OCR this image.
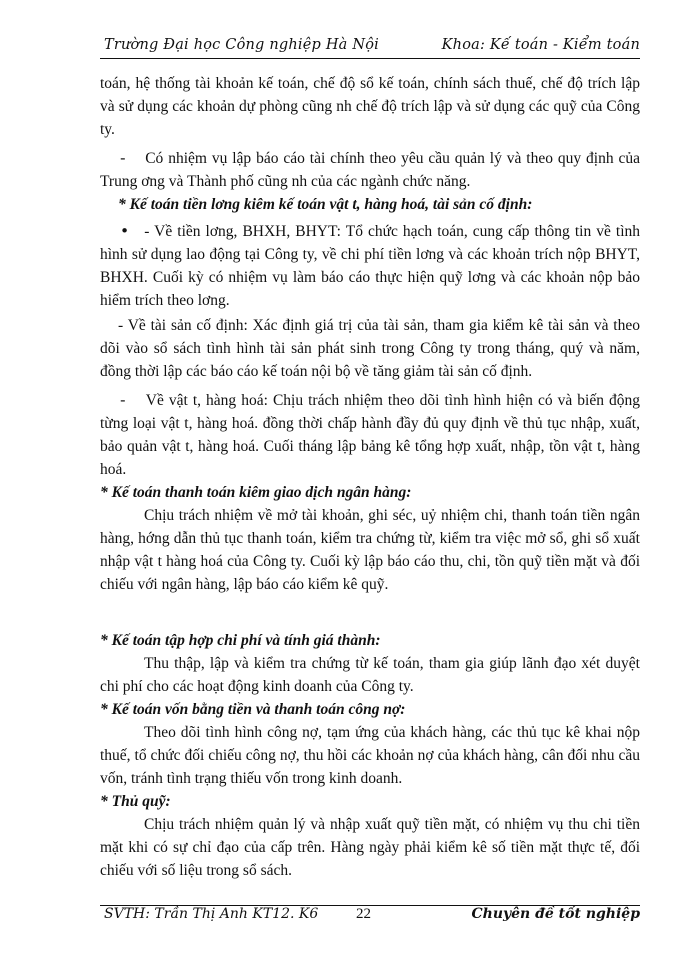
Trường Đại học Công nghiệp Hà Nội	Khoa: Kế toán - Kiểm toán

toán, hệ thống tài khoản kế toán, chế độ sổ kế toán, chính sách thuế, chế độ trích lập và sử dụng các khoản dự phòng cũng nh chế độ trích lập và sử dụng các quỹ của Công ty.

- Có nhiệm vụ lập báo cáo tài chính theo yêu cầu quản lý và theo quy định của Trung ơng và Thành phố cũng nh của các ngành chức năng.

* Kế toán tiền lơng kiêm kế toán vật t, hàng hoá, tài sản cố định:

• - Về tiền lơng, BHXH, BHYT: Tổ chức hạch toán, cung cấp thông tin về tình hình sử dụng lao động tại Công ty, về chi phí tiền lơng và các khoản trích nộp BHYT, BHXH. Cuối kỳ có nhiệm vụ làm báo cáo thực hiện quỹ lơng và các khoản nộp bảo hiểm trích theo lơng.

- Về tài sản cố định: Xác định giá trị của tài sản, tham gia kiểm kê tài sản và theo dõi vào sổ sách tình hình tài sản phát sinh trong Công ty trong tháng, quý và năm, đồng thời lập các báo cáo kế toán nội bộ về tăng giảm tài sản cố định.

- Về vật t, hàng hoá: Chịu trách nhiệm theo dõi tình hình hiện có và biến động từng loại vật t, hàng hoá. đồng thời chấp hành đầy đủ quy định về thủ tục nhập, xuất, bảo quản vật t, hàng hoá. Cuối tháng lập bảng kê tổng hợp xuất, nhập, tồn vật t, hàng hoá.

* Kế toán thanh toán kiêm giao dịch ngân hàng:

Chịu trách nhiệm về mở tài khoản, ghi séc, uỷ nhiệm chi, thanh toán tiền ngân hàng, hớng dẫn thủ tục thanh toán, kiểm tra chứng từ, kiểm tra việc mở sổ, ghi sổ xuất nhập vật t hàng hoá của Công ty. Cuối kỳ lập báo cáo thu, chi, tồn quỹ tiền mặt và đối chiếu với ngân hàng, lập báo cáo kiểm kê quỹ.

* Kế toán tập hợp chi phí và tính giá thành:

Thu thập, lập và kiểm tra chứng từ kế toán, tham gia giúp lãnh đạo xét duyệt chi phí cho các hoạt động kinh doanh của Công ty.

* Kế toán vốn bằng tiền và thanh toán công nợ:

Theo dõi tình hình công nợ, tạm ứng của khách hàng, các thủ tục kê khai nộp thuế, tổ chức đối chiếu công nợ, thu hồi các khoản nợ của khách hàng, cân đối nhu cầu vốn, tránh tình trạng thiếu vốn trong kinh doanh.

* Thủ quỹ:

Chịu trách nhiệm quản lý và nhập xuất quỹ tiền mặt, có nhiệm vụ thu chi tiền mặt khi có sự chỉ đạo của cấp trên. Hàng ngày phải kiểm kê số tiền mặt thực tế, đối chiếu với số liệu trong sổ sách.

SVTH: Trần Thị Anh KT12. K6	22	Chuyên đề tốt nghiệp
